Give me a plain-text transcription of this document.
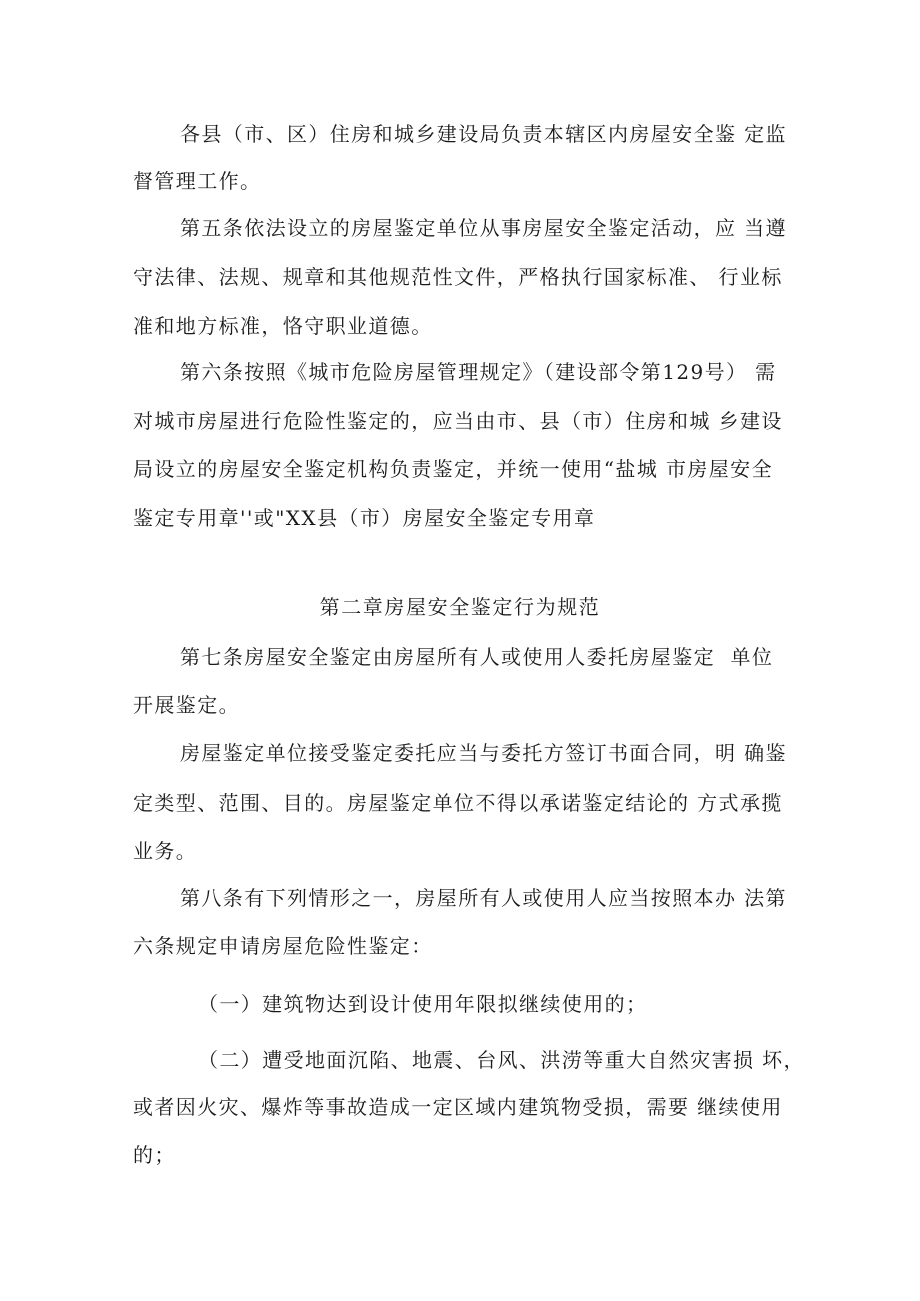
各县（市、区）住房和城乡建设局负责本辖区内房屋安全鉴 定监
督管理工作。
第五条依法设立的房屋鉴定单位从事房屋安全鉴定活动，应 当遵
守法律、法规、规章和其他规范性文件，严格执行国家标准、 行业标
准和地方标准，恪守职业道德。
第六条按照《城市危险房屋管理规定》（建设部令第129号） 需
对城市房屋进行危险性鉴定的，应当由市、县（市）住房和城 乡建设
局设立的房屋安全鉴定机构负责鉴定，并统一使用“盐城 市房屋安全
鉴定专用章''或"XX县（市）房屋安全鉴定专用章
第二章房屋安全鉴定行为规范
第七条房屋安全鉴定由房屋所有人或使用人委托房屋鉴定  单位
开展鉴定。
房屋鉴定单位接受鉴定委托应当与委托方签订书面合同，明 确鉴
定类型、范围、目的。房屋鉴定单位不得以承诺鉴定结论的 方式承揽
业务。
第八条有下列情形之一，房屋所有人或使用人应当按照本办 法第
六条规定申请房屋危险性鉴定：
（一）建筑物达到设计使用年限拟继续使用的；
（二）遭受地面沉陷、地震、台风、洪涝等重大自然灾害损 坏，
或者因火灾、爆炸等事故造成一定区域内建筑物受损，需要 继续使用
的；
